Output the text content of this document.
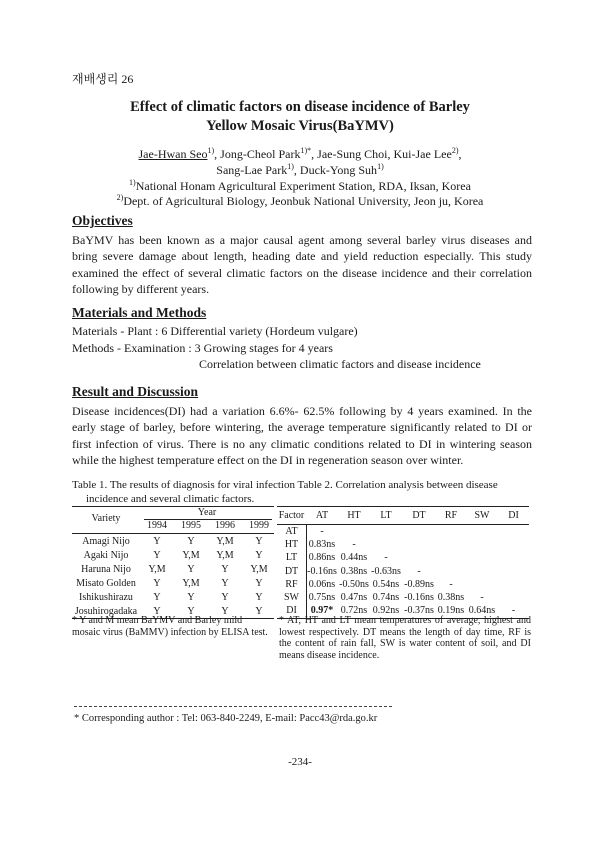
재배생리 26
Effect of climatic factors on disease incidence of Barley
Yellow Mosaic Virus(BaYMV)
Jae-Hwan Seo$^{1)}$, Jong-Cheol Park$^{1)*}$, Jae-Sung Choi, Kui-Jae Lee$^{2)}$,
Sang-Lae Park$^{1)}$, Duck-Yong Suh$^{1)}$
$^{1)}$National Honam Agricultural Experiment Station, RDA, Iksan, Korea
$^{2)}$Dept. of Agricultural Biology, Jeonbuk National University, Jeon ju, Korea
Objectives
BaYMV has been known as a major causal agent among several barley virus diseases and
bring severe damage about length, heading date and yield reduction especially. This study
examined the effect of several climatic factors on the disease incidence and their correlation
following by different years.
Materials and Methods
Materials - Plant : 6 Differential variety (Hordeum vulgare)
Methods - Examination : 3 Growing stages for 4 years
Correlation between climatic factors and disease incidence
Result and Discussion
Disease incidences(DI) had a variation 6.6%- 62.5% following by 4 years examined. In the
early stage of barley, before wintering, the average temperature significantly related to DI or
first infection of virus. There is no any climatic conditions related to DI in wintering season
while the highest temperature effect on the DI in regeneration season over winter.
Table 1. The results of diagnosis for viral infection Table 2. Correlation analysis between disease
incidence and several climatic factors.
Variety
Year
1994	1995	1996	1999
Amagi Nijo	Y	Y	Y,M	Y
Agaki Nijo	Y	Y,M	Y,M	Y
Haruna Nijo	Y,M	Y	Y	Y,M
Misato Golden	Y	Y,M	Y	Y
Ishikushirazu	Y	Y	Y	Y
Josuhirogadaka	Y	Y	Y	Y
Factor	AT	HT	LT	DT	RF	SW	DI
AT	-
HT	0.83ns	-
LT	0.86ns 0.44ns	-
DT -0.16ns 0.38ns -0.63ns	-
RF	0.06ns -0.50ns 0.54ns -0.89ns	-
SW 0.75ns 0.47ns 0.74ns -0.16ns 0.38ns	-
DI	0.97* 0.72ns 0.92ns -0.37ns 0.19ns 0.64ns	-
* Y and M mean BaYMV and Barley mild mosaic virus (BaMMV) infection by ELISA test.
* AT, HT and LT mean temperatures of average, highest and lowest respectively. DT means the length of day time, RF is the content of rain fall, SW is water content of soil, and DI means disease incidence.
* Corresponding author : Tel: 063-840-2249, E-mail: Pacc43@rda.go.kr
-234-
